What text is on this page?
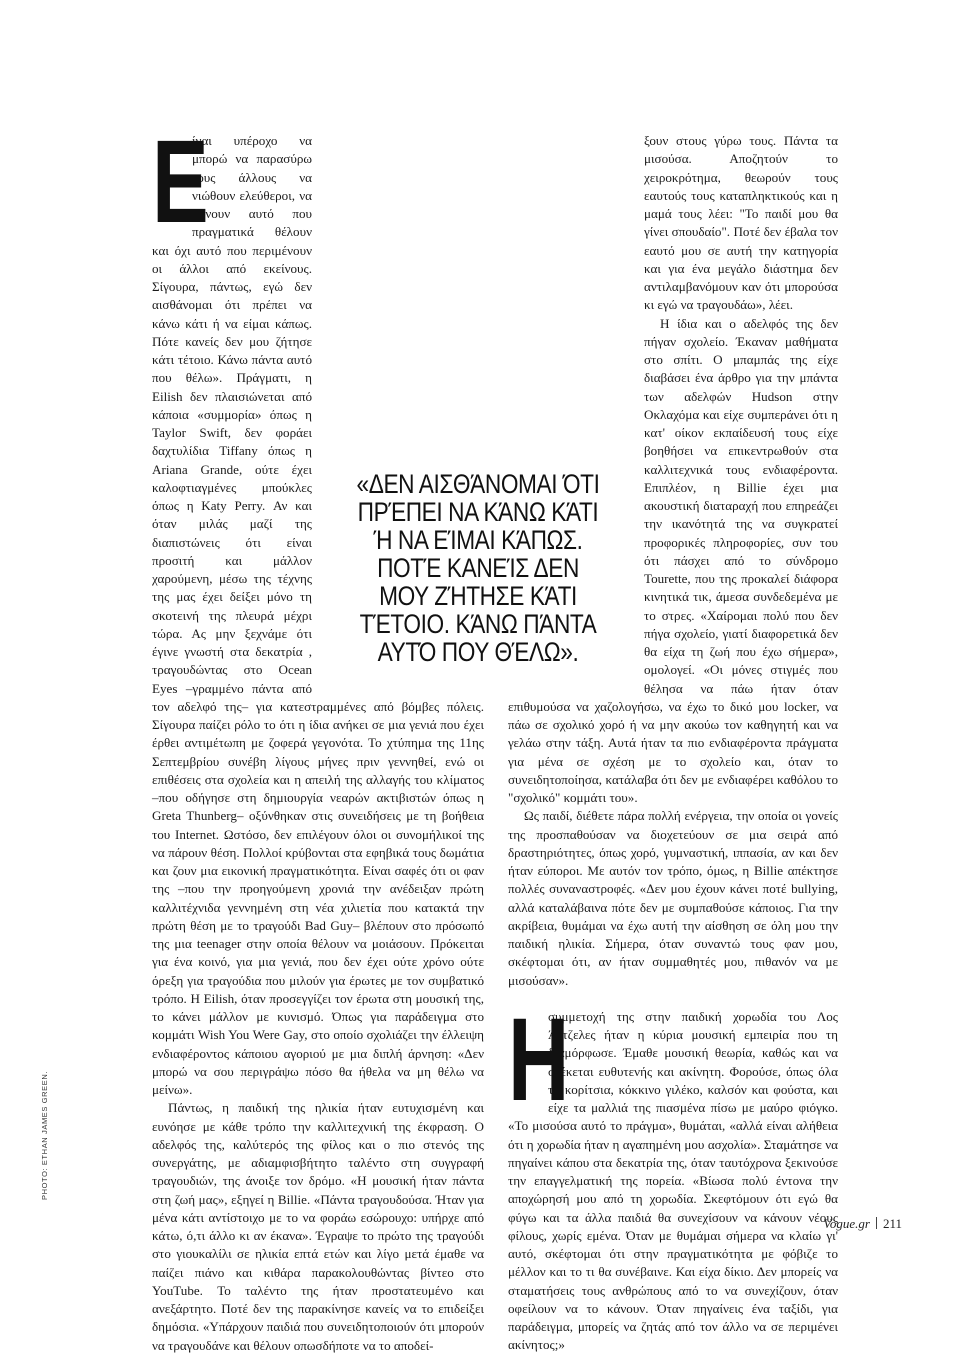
Ε

ίναι υπέροχο να μπορώ να παρασύρω τους άλλους να νιώθουν ελεύθεροι, να κάνουν αυτό που πραγματικά θέλουν και όχι αυτό που περιμένουν οι άλλοι από εκείνους. Σίγουρα, πάντως, εγώ δεν αισθάνομαι ότι πρέπει να κάνω κάτι ή να είμαι κάπως. Πότε κανείς δεν μου ζήτησε κάτι τέτοιο. Κάνω πάντα αυτό που θέλω». Πράγματι, η Eilish δεν πλαισιώνεται από κάποια «συμμορία» όπως η Taylor Swift, δεν φοράει δαχτυλίδια Tiffany όπως η Ariana Grande, ούτε έχει καλοφτιαγμένες μπούκλες όπως η Katy Perry. Αν και όταν μιλάς μαζί της διαπιστώνεις ότι είναι προσιτή και μάλλον χαρούμενη, μέσω της τέχνης της μας έχει δείξει μόνο τη σκοτεινή της πλευρά μέχρι τώρα. Ας μην ξεχνάμε ότι έγινε γνωστή στα δεκατρία , τραγουδώντας στο Ocean Eyes –γραμμένο πάντα από τον αδελφό της– για κατεστραμμένες από βόμβες πόλεις. Σίγουρα παίζει ρόλο το ότι η ίδια ανήκει σε μια γενιά που έχει έρθει αντιμέτωπη με ζοφερά γεγονότα. Το χτύπημα της 11ης Σεπτεμβρίου συνέβη λίγους μήνες πριν γεννηθεί, ενώ οι επιθέσεις στα σχολεία και η απειλή της αλλαγής του κλίματος –που οδήγησε στη δημιουργία νεαρών ακτιβιστών όπως η Greta Thunberg– οξύνθηκαν στις συνειδήσεις με τη βοήθεια του Internet. Ωστόσο, δεν επιλέγουν όλοι οι συνομήλικοί της να πάρουν θέση. Πολλοί κρύβονται στα εφηβικά τους δωμάτια και ζουν μια εικονική πραγματικότητα. Είναι σαφές ότι οι φαν της –που την προηγούμενη χρονιά την ανέδειξαν πρώτη καλλιτέχνιδα γεννημένη στη νέα χιλιετία που κατακτά την πρώτη θέση με το τραγούδι Bad Guy– βλέπουν στο πρόσωπό της μια teenager στην οποία θέλουν να μοιάσουν. Πρόκειται για ένα κοινό, για μια γενιά, που δεν έχει ούτε χρόνο ούτε όρεξη για τραγούδια που μιλούν για έρωτες με τον συμβατικό τρόπο. Η Eilish, όταν προσεγγίζει τον έρωτα στη μουσική της, το κάνει μάλλον με κυνισμό. Όπως για παράδειγμα στο κομμάτι Wish You Were Gay, στο οποίο σχολιάζει την έλλειψη ενδιαφέροντος κάποιου αγοριού με μια διπλή άρνηση: «Δεν μπορώ να σου περιγράψω πόσο θα ήθελα να μη θέλω να μείνω».

Πάντως, η παιδική της ηλικία ήταν ευτυχισμένη και ευνόησε με κάθε τρόπο την καλλιτεχνική της έκφραση. Ο αδελφός της, καλύτερός της φίλος και ο πιο στενός της συνεργάτης, με αδιαμφισβήτητο ταλέντο στη συγγραφή τραγουδιών, της άνοιξε τον δρόμο. «Η μουσική ήταν πάντα στη ζωή μας», εξηγεί η Billie. «Πάντα τραγουδούσα. Ήταν για μένα κάτι αντίστοιχο με το να φοράω εσώρουχο: υπήρχε από κάτω, ό,τι άλλο κι αν έκανα». Έγραψε το πρώτο της τραγούδι στο γιουκαλίλι σε ηλικία επτά ετών και λίγο μετά έμαθε να παίζει πιάνο και κιθάρα παρακολουθώντας βίντεο στο YouTube. Το ταλέντο της ήταν προστατευμένο και ανεξάρτητο. Ποτέ δεν της παρακίνησε κανείς να το επιδείξει δημόσια. «Υπάρχουν παιδιά που συνειδητοποιούν ότι μπορούν να τραγουδάνε και θέλουν οπωσδήποτε να το αποδεί-

ξουν στους γύρω τους. Πάντα τα μισούσα. Αποζητούν το χειροκρότημα, θεωρούν τους εαυτούς τους καταπληκτικούς και η μαμά τους λέει: "Το παιδί μου θα γίνει σπουδαίο". Ποτέ δεν έβαλα τον εαυτό μου σε αυτή την κατηγορία και για ένα μεγάλο διάστημα δεν αντιλαμβανόμουν καν ότι μπορούσα κι εγώ να τραγουδάω», λέει.

Η ίδια και ο αδελφός της δεν πήγαν σχολείο. Έκαναν μαθήματα στο σπίτι. Ο μπαμπάς της είχε διαβάσει ένα άρθρο για την μπάντα των αδελφών Hudson στην Οκλαχόμα και είχε συμπεράνει ότι η κατ' οίκον εκπαίδευσή τους είχε βοηθήσει να επικεντρωθούν στα καλλιτεχνικά τους ενδιαφέροντα. Επιπλέον, η Billie έχει μια ακουστική διαταραχή που επηρεάζει την ικανότητά της να συγκρατεί προφορικές πληροφορίες, συν του ότι πάσχει από το σύνδρομο Tourette, που της προκαλεί διάφορα κινητικά τικ, άμεσα συνδεδεμένα με το στρες. «Χαίρομαι πολύ που δεν πήγα σχολείο, γιατί διαφορετικά δεν θα είχα τη ζωή που έχω σήμερα», ομολογεί. «Οι μόνες στιγμές που θέλησα να πάω ήταν όταν επιθυμούσα να χαζολογήσω, να έχω το δικό μου locker, να πάω σε σχολικό χορό ή να μην ακούω τον καθηγητή και να γελάω στην τάξη. Αυτά ήταν τα πιο ενδιαφέροντα πράγματα για μένα σε σχέση με το σχολείο και, όταν το συνειδητοποίησα, κατάλαβα ότι δεν με ενδιαφέρει καθόλου το "σχολικό" κομμάτι του».

Ως παιδί, διέθετε πάρα πολλή ενέργεια, την οποία οι γονείς της προσπαθούσαν να διοχετεύουν σε μια σειρά από δραστηριότητες, όπως χορό, γυμναστική, ιππασία, αν και δεν ήταν εύποροι. Με αυτόν τον τρόπο, όμως, η Billie απέκτησε πολλές συναναστροφές. «Δεν μου έχουν κάνει ποτέ bullying, αλλά καταλάβαινα πότε δεν με συμπαθούσε κάποιος. Για την ακρίβεια, θυμάμαι να έχω αυτή την αίσθηση σε όλη μου την παιδική ηλικία. Σήμερα, όταν συναντώ τους φαν μου, σκέφτομαι ότι, αν ήταν συμμαθητές μου, πιθανόν να με μισούσαν».

Η

συμμετοχή της στην παιδική χορωδία του Λος Άντζελες ήταν η κύρια μουσική εμπειρία που τη διαμόρφωσε. Έμαθε μουσική θεωρία, καθώς και να στέκεται ευθυτενής και ακίνητη. Φορούσε, όπως όλα τα κορίτσια, κόκκινο γιλέκο, καλσόν και φούστα, και είχε τα μαλλιά της πιασμένα πίσω με μαύρο φιόγκο. «Το μισούσα αυτό το πράγμα», θυμάται, «αλλά είναι αλήθεια ότι η χορωδία ήταν η αγαπημένη μου ασχολία». Σταμάτησε να πηγαίνει κάπου στα δεκατρία της, όταν ταυτόχρονα ξεκινούσε την επαγγελματική της πορεία. «Βίωσα πολύ έντονα την αποχώρησή μου από τη χορωδία. Σκεφτόμουν ότι εγώ θα φύγω και τα άλλα παιδιά θα συνεχίσουν να κάνουν νέους φίλους, χωρίς εμένα. Όταν με θυμάμαι σήμερα να κλαίω γι' αυτό, σκέφτομαι ότι στην πραγματικότητα με φόβιζε το μέλλον και το τι θα συνέβαινε. Και είχα δίκιο. Δεν μπορείς να σταματήσεις τους ανθρώπους από το να συνεχίζουν, όταν οφείλουν να το κάνουν. Όταν πηγαίνεις ένα ταξίδι, για παράδειγμα, μπορείς να ζητάς από τον άλλο να σε περιμένει ακίνητος;»

«ΔΕΝ ΑΙΣΘΆΝΟΜΑΙ ΌΤΙ ΠΡΈΠΕΙ ΝΑ ΚΆΝΩ ΚΆΤΙ Ή ΝΑ ΕΊΜΑΙ ΚΆΠΩΣ. ΠΟΤΈ ΚΑΝΕΊΣ ΔΕΝ ΜΟΥ ΖΉΤΗΣΕ ΚΆΤΙ ΤΈΤΟΙΟ. ΚΆΝΩ ΠΆΝΤΑ ΑΥΤΌ ΠΟΥ ΘΈΛΩ».
PHOTO: ETHAN JAMES GREEN.
Vogue.gr 211
